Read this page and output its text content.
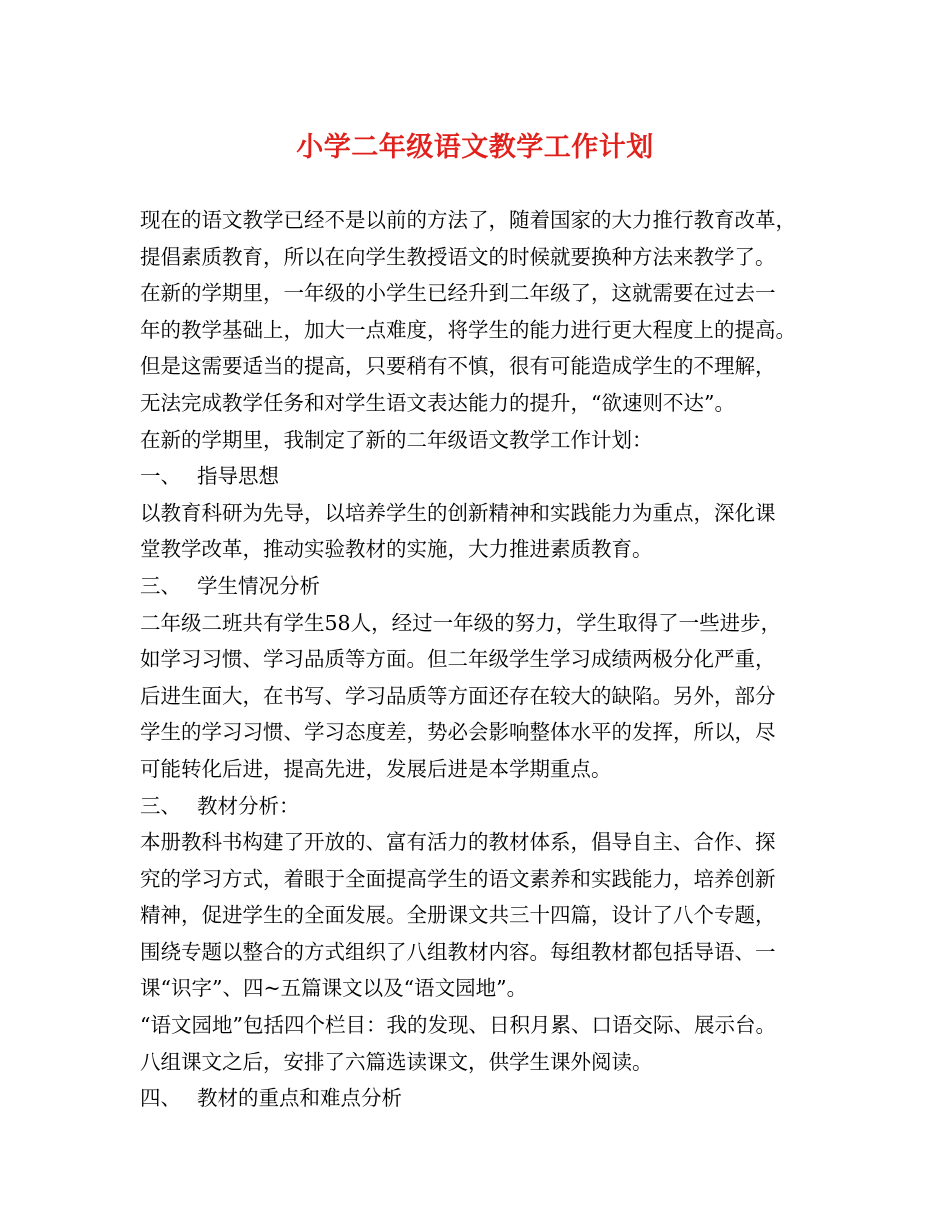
小学二年级语文教学工作计划
现在的语文教学已经不是以前的方法了，随着国家的大力推行教育改革，
提倡素质教育，所以在向学生教授语文的时候就要换种方法来教学了。
在新的学期里，一年级的小学生已经升到二年级了，这就需要在过去一
年的教学基础上，加大一点难度，将学生的能力进行更大程度上的提高。
但是这需要适当的提高，只要稍有不慎，很有可能造成学生的不理解，
无法完成教学任务和对学生语文表达能力的提升，“欲速则不达”。
在新的学期里，我制定了新的二年级语文教学工作计划：
一、 指导思想
以教育科研为先导，以培养学生的创新精神和实践能力为重点，深化课
堂教学改革，推动实验教材的实施，大力推进素质教育。
三、 学生情况分析
二年级二班共有学生58人，经过一年级的努力，学生取得了一些进步，
如学习习惯、学习品质等方面。但二年级学生学习成绩两极分化严重，
后进生面大，在书写、学习品质等方面还存在较大的缺陷。另外，部分
学生的学习习惯、学习态度差，势必会影响整体水平的发挥，所以，尽
可能转化后进，提高先进，发展后进是本学期重点。
三、 教材分析：
本册教科书构建了开放的、富有活力的教材体系，倡导自主、合作、探
究的学习方式，着眼于全面提高学生的语文素养和实践能力，培养创新
精神，促进学生的全面发展。全册课文共三十四篇，设计了八个专题，
围绕专题以整合的方式组织了八组教材内容。每组教材都包括导语、一
课“识字”、四~五篇课文以及“语文园地”。
“语文园地”包括四个栏目：我的发现、日积月累、口语交际、展示台。
八组课文之后，安排了六篇选读课文，供学生课外阅读。
四、 教材的重点和难点分析
